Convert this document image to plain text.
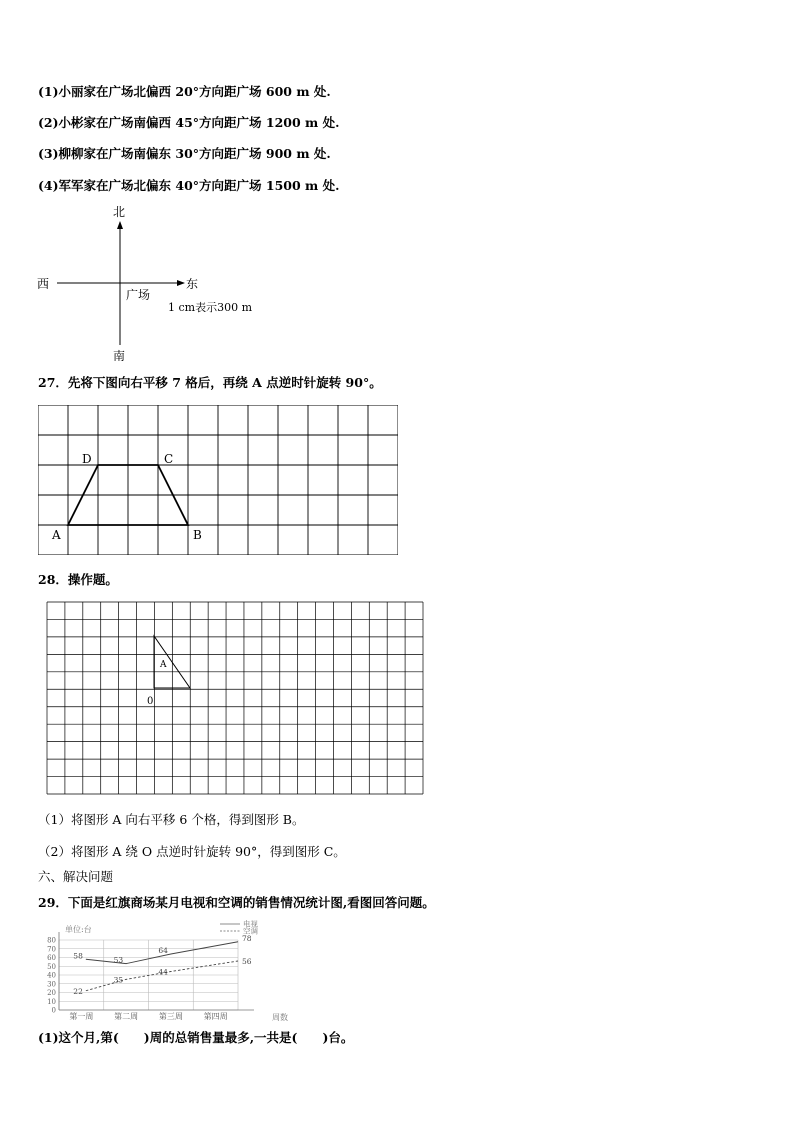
(1)小丽家在广场北偏西 20°方向距广场 600 m 处.
(2)小彬家在广场南偏西 45°方向距广场 1200 m 处.
(3)柳柳家在广场南偏东 30°方向距广场 900 m 处.
(4)军军家在广场北偏东 40°方向距广场 1500 m 处.
北
南
西	东
广场
1 cm表示300 m
27．先将下图向右平移 7 格后，再绕 A 点逆时针旋转 90°。
D	C
A	B
28．操作题。
A
0
（1）将图形 A 向右平移 6 个格，得到图形 B。
（2）将图形 A 绕 O 点逆时针旋转 90°，得到图形 C。
六、解决问题
29．下面是红旗商场某月电视和空调的销售情况统计图,看图回答问题。
0
10
20
30
40
50
60
70
80
第一周	第二周	第三周	第四周
58	53
64
78
22
35
44
56
单位:台
周数
电视
空调
(1)这个月,第(　　)周的总销售量最多,一共是(　　)台。
